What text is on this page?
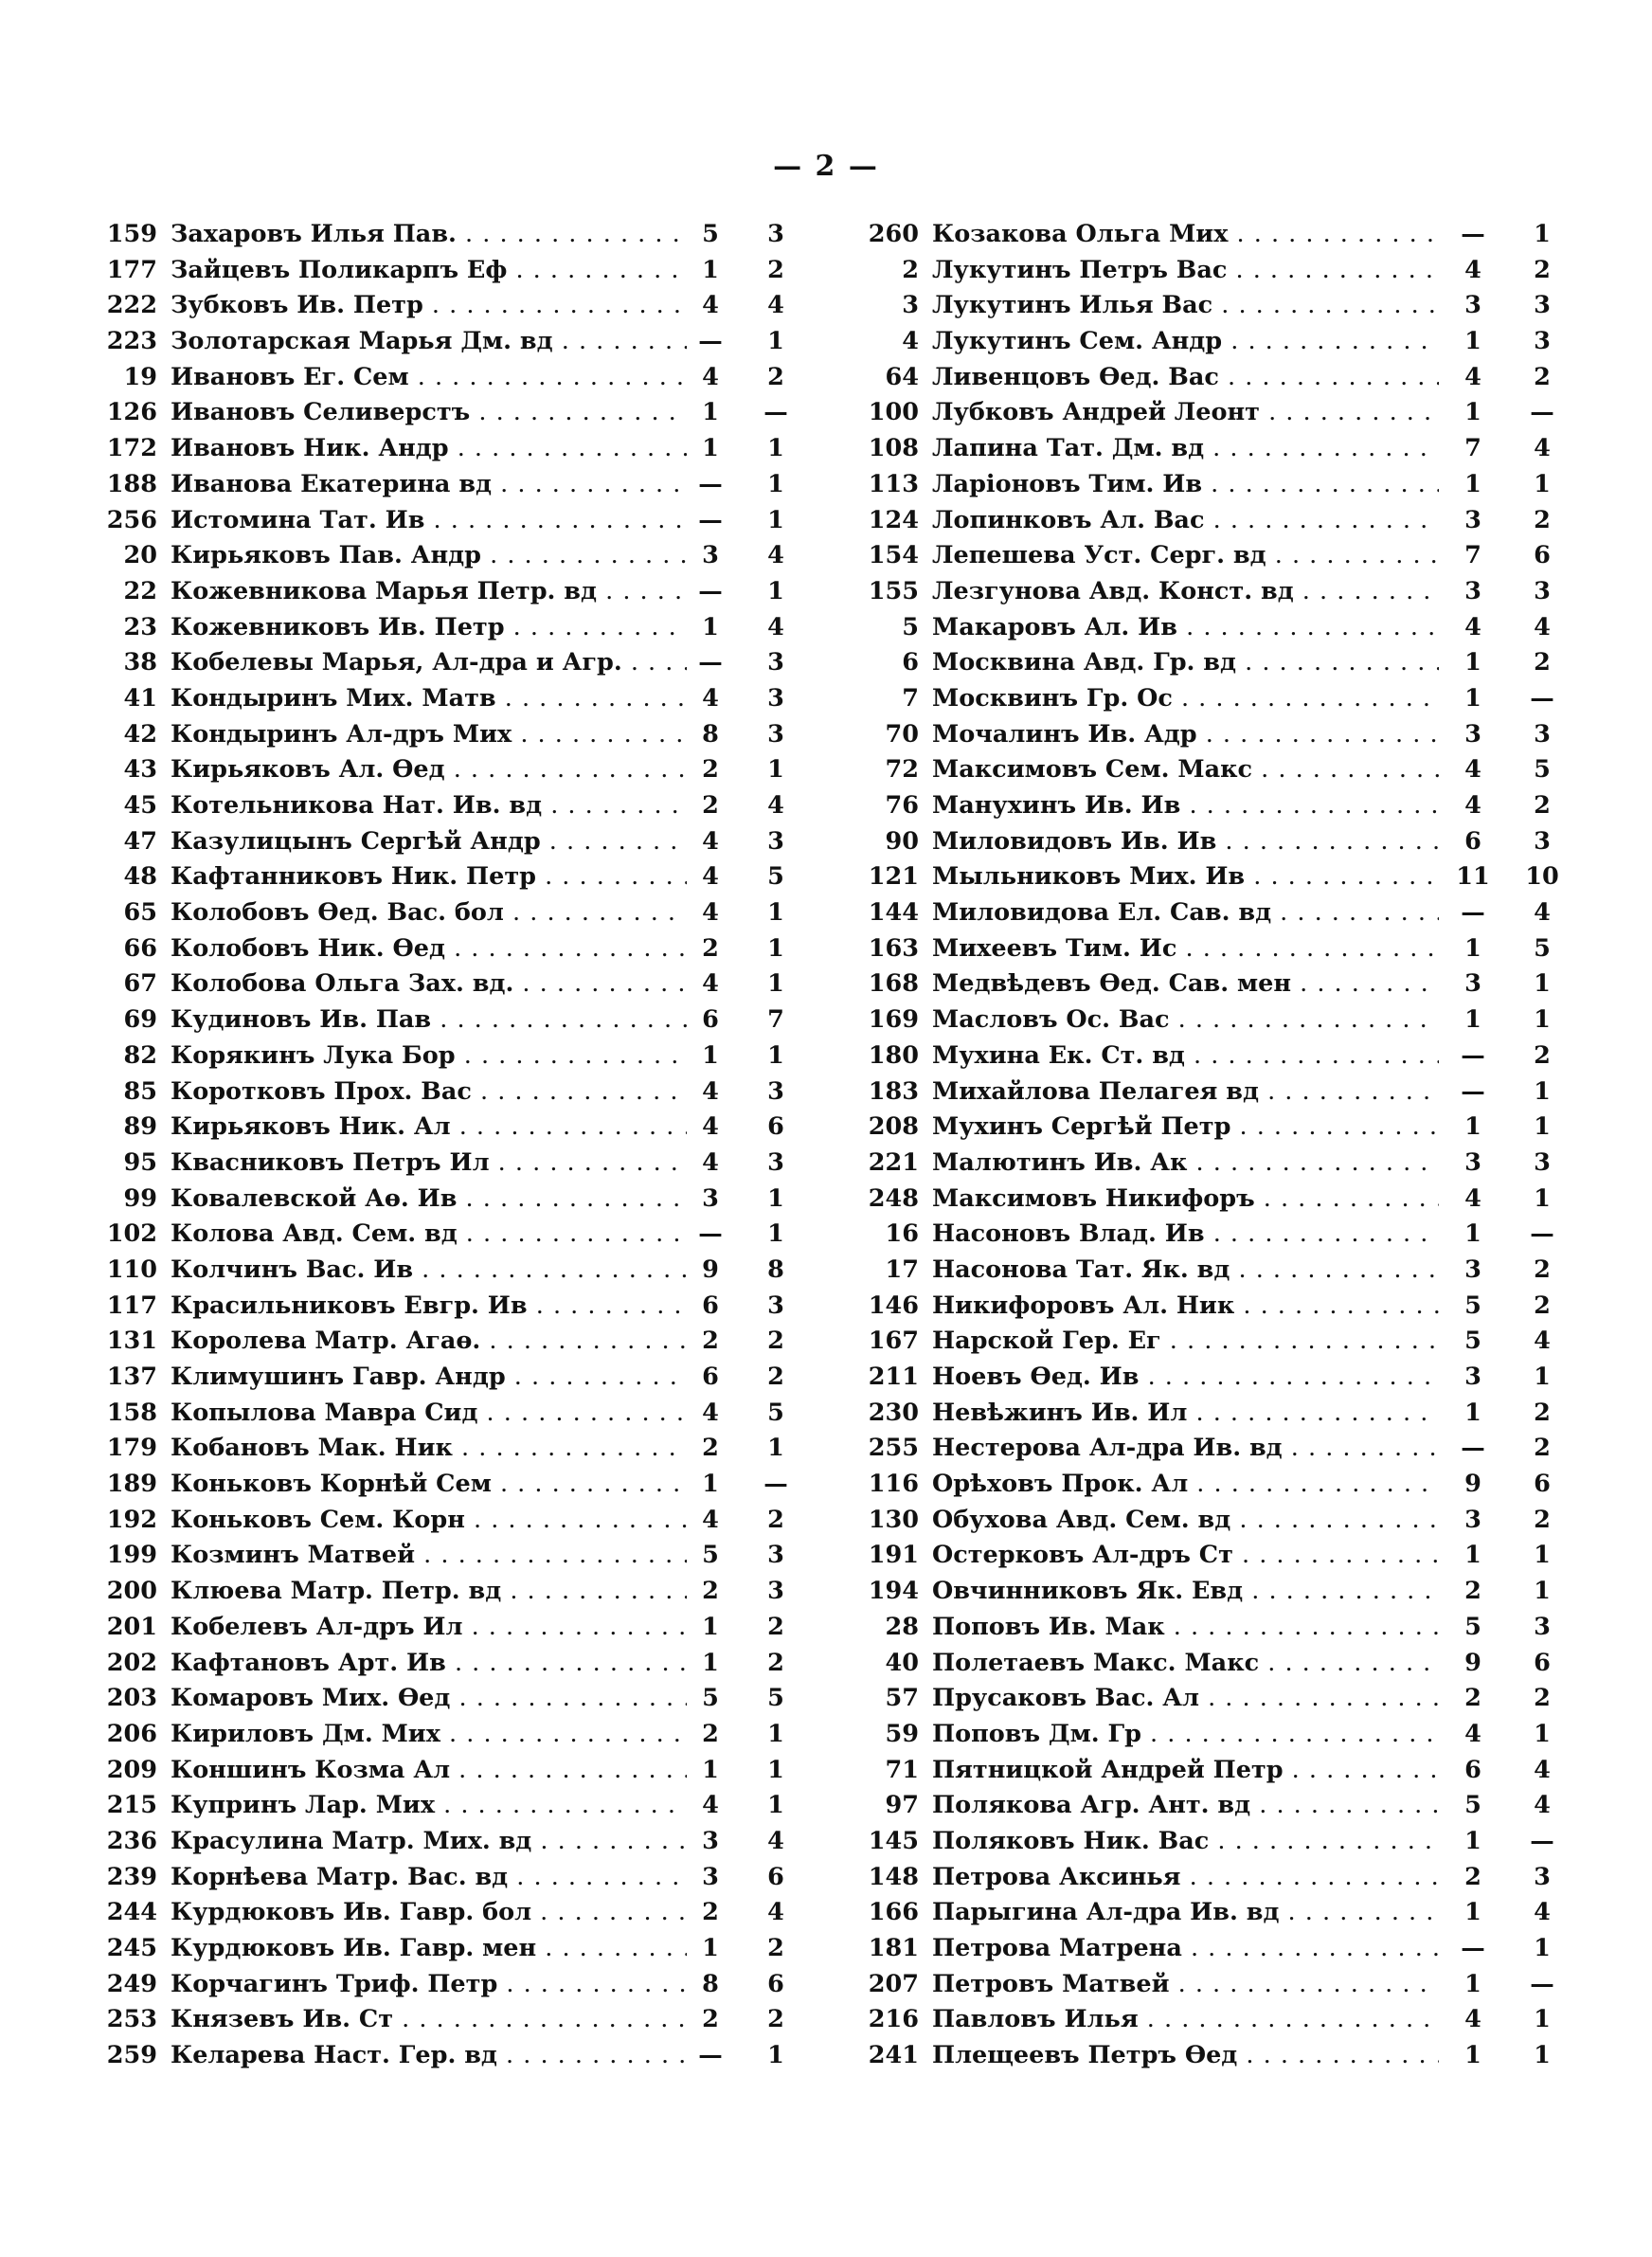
— 2 —
159 Захаровъ Илья Пав. . . .	5	3
177 Зайцевъ Поликарпъ Еф . . .	1	2
222 Зубковъ Ив. Петр . . .	4	4
223 Золотарская Марья Дм. вд . . .	—	1
19 Ивановъ Ег. Сем . . .	4	2
126 Ивановъ Селиверстъ . . .	1	—
172 Ивановъ Ник. Андр . . .	1	1
188 Иванова Екатерина вд . . .	—	1
256 Истомина Тат. Ив . . .	—	1
20 Кирьяковъ Пав. Андр . . .	3	4
22 Кожевникова Марья Петр. вд . . .	—	1
23 Кожевниковъ Ив. Петр . . .	1	4
38 Кобелевы Марья, Ал-дра и Агр. . . .	—	3
41 Кондыринъ Мих. Матв . . .	4	3
42 Кондыринъ Ал-дръ Мих . . .	8	3
43 Кирьяковъ Ал. Өед . . .	2	1
45 Котельникова Нат. Ив. вд . . .	2	4
47 Казулицынъ Сергѣй Андр . . .	4	3
48 Кафтанниковъ Ник. Петр . . .	4	5
65 Колобовъ Өед. Вас. бол . . .	4	1
66 Колобовъ Ник. Өед . . .	2	1
67 Колобова Ольга Зах. вд. . . .	4	1
69 Кудиновъ Ив. Пав . . .	6	7
82 Корякинъ Лука Бор . . .	1	1
85 Коротковъ Прох. Вас . . .	4	3
89 Кирьяковъ Ник. Ал . . .	4	6
95 Квасниковъ Петръ Ил . . .	4	3
99 Ковалевской Аө. Ив . . .	3	1
102 Колова Авд. Сем. вд . . .	—	1
110 Колчинъ Вас. Ив . . .	9	8
117 Красильниковъ Евгр. Ив . . .	6	3
131 Королева Матр. Агаө. . . .	2	2
137 Климушинъ Гавр. Андр . . .	6	2
158 Копылова Мавра Сид . . .	4	5
179 Кобановъ Мак. Ник . . .	2	1
189 Коньковъ Корнѣй Сем . . .	1	—
192 Коньковъ Сем. Корн . . .	4	2
199 Козминъ Матвей . . .	5	3
200 Клюева Матр. Петр. вд . . .	2	3
201 Кобелевъ Ал-дръ Ил . . .	1	2
202 Кафтановъ Арт. Ив . . .	1	2
203 Комаровъ Мих. Өед . . .	5	5
206 Кириловъ Дм. Мих . . .	2	1
209 Коншинъ Козма Ал . . .	1	1
215 Купринъ Лар. Мих . . .	4	1
236 Красулина Матр. Мих. вд . . .	3	4
239 Корнѣева Матр. Вас. вд . . .	3	6
244 Курдюковъ Ив. Гавр. бол . . .	2	4
245 Курдюковъ Ив. Гавр. мен . . .	1	2
249 Корчагинъ Триф. Петр . . .	8	6
253 Князевъ Ив. Ст . . .	2	2
259 Келарева Наст. Гер. вд . . .	—	1
260 Козакова Ольга Мих . . .	—	1
2 Лукутинъ Петръ Вас . . .	4	2
3 Лукутинъ Илья Вас . . .	3	3
4 Лукутинъ Сем. Андр . . .	1	3
64 Ливенцовъ Өед. Вас . . .	4	2
100 Лубковъ Андрей Леонт . . .	1	—
108 Лапина Тат. Дм. вд . . .	7	4
113 Ларіоновъ Тим. Ив . . .	1	1
124 Лопинковъ Ал. Вас . . .	3	2
154 Лепешева Уст. Серг. вд . . .	7	6
155 Лезгунова Авд. Конст. вд . . .	3	3
5 Макаровъ Ал. Ив . . .	4	4
6 Москвина Авд. Гр. вд . . .	1	2
7 Москвинъ Гр. Ос . . .	1	—
70 Мочалинъ Ив. Адр . . .	3	3
72 Максимовъ Сем. Макс . . .	4	5
76 Манухинъ Ив. Ив . . .	4	2
90 Миловидовъ Ив. Ив . . .	6	3
121 Мыльниковъ Мих. Ив . . .	11	10
144 Миловидова Ел. Сав. вд . . .	—	4
163 Михеевъ Тим. Ис . . .	1	5
168 Медвѣдевъ Өед. Сав. мен . . .	3	1
169 Масловъ Ос. Вас . . .	1	1
180 Мухина Ек. Ст. вд . . .	—	2
183 Михайлова Пелагея вд . . .	—	1
208 Мухинъ Сергѣй Петр . . .	1	1
221 Малютинъ Ив. Ак . . .	3	3
248 Максимовъ Никифоръ . . .	4	1
16 Насоновъ Влад. Ив . . .	1	—
17 Насонова Тат. Як. вд . . .	3	2
146 Никифоровъ Ал. Ник . . .	5	2
167 Нарской Гер. Ег . . .	5	4
211 Ноевъ Өед. Ив . . .	3	1
230 Невѣжинъ Ив. Ил . . .	1	2
255 Нестерова Ал-дра Ив. вд . . .	—	2
116 Орѣховъ Прок. Ал . . .	9	6
130 Обухова Авд. Сем. вд . . .	3	2
191 Остерковъ Ал-дръ Ст . . .	1	1
194 Овчинниковъ Як. Евд . . .	2	1
28 Поповъ Ив. Мак . . .	5	3
40 Полетаевъ Макс. Макс . . .	9	6
57 Прусаковъ Вас. Ал . . .	2	2
59 Поповъ Дм. Гр . . .	4	1
71 Пятницкой Андрей Петр . . .	6	4
97 Полякова Агр. Ант. вд . . .	5	4
145 Поляковъ Ник. Вас . . .	1	—
148 Петрова Аксинья . . .	2	3
166 Парыгина Ал-дра Ив. вд . . .	1	4
181 Петрова Матрена . . .	—	1
207 Петровъ Матвей . . .	1	—
216 Павловъ Илья . . .	4	1
241 Плещеевъ Петръ Өед . . .	1	1
